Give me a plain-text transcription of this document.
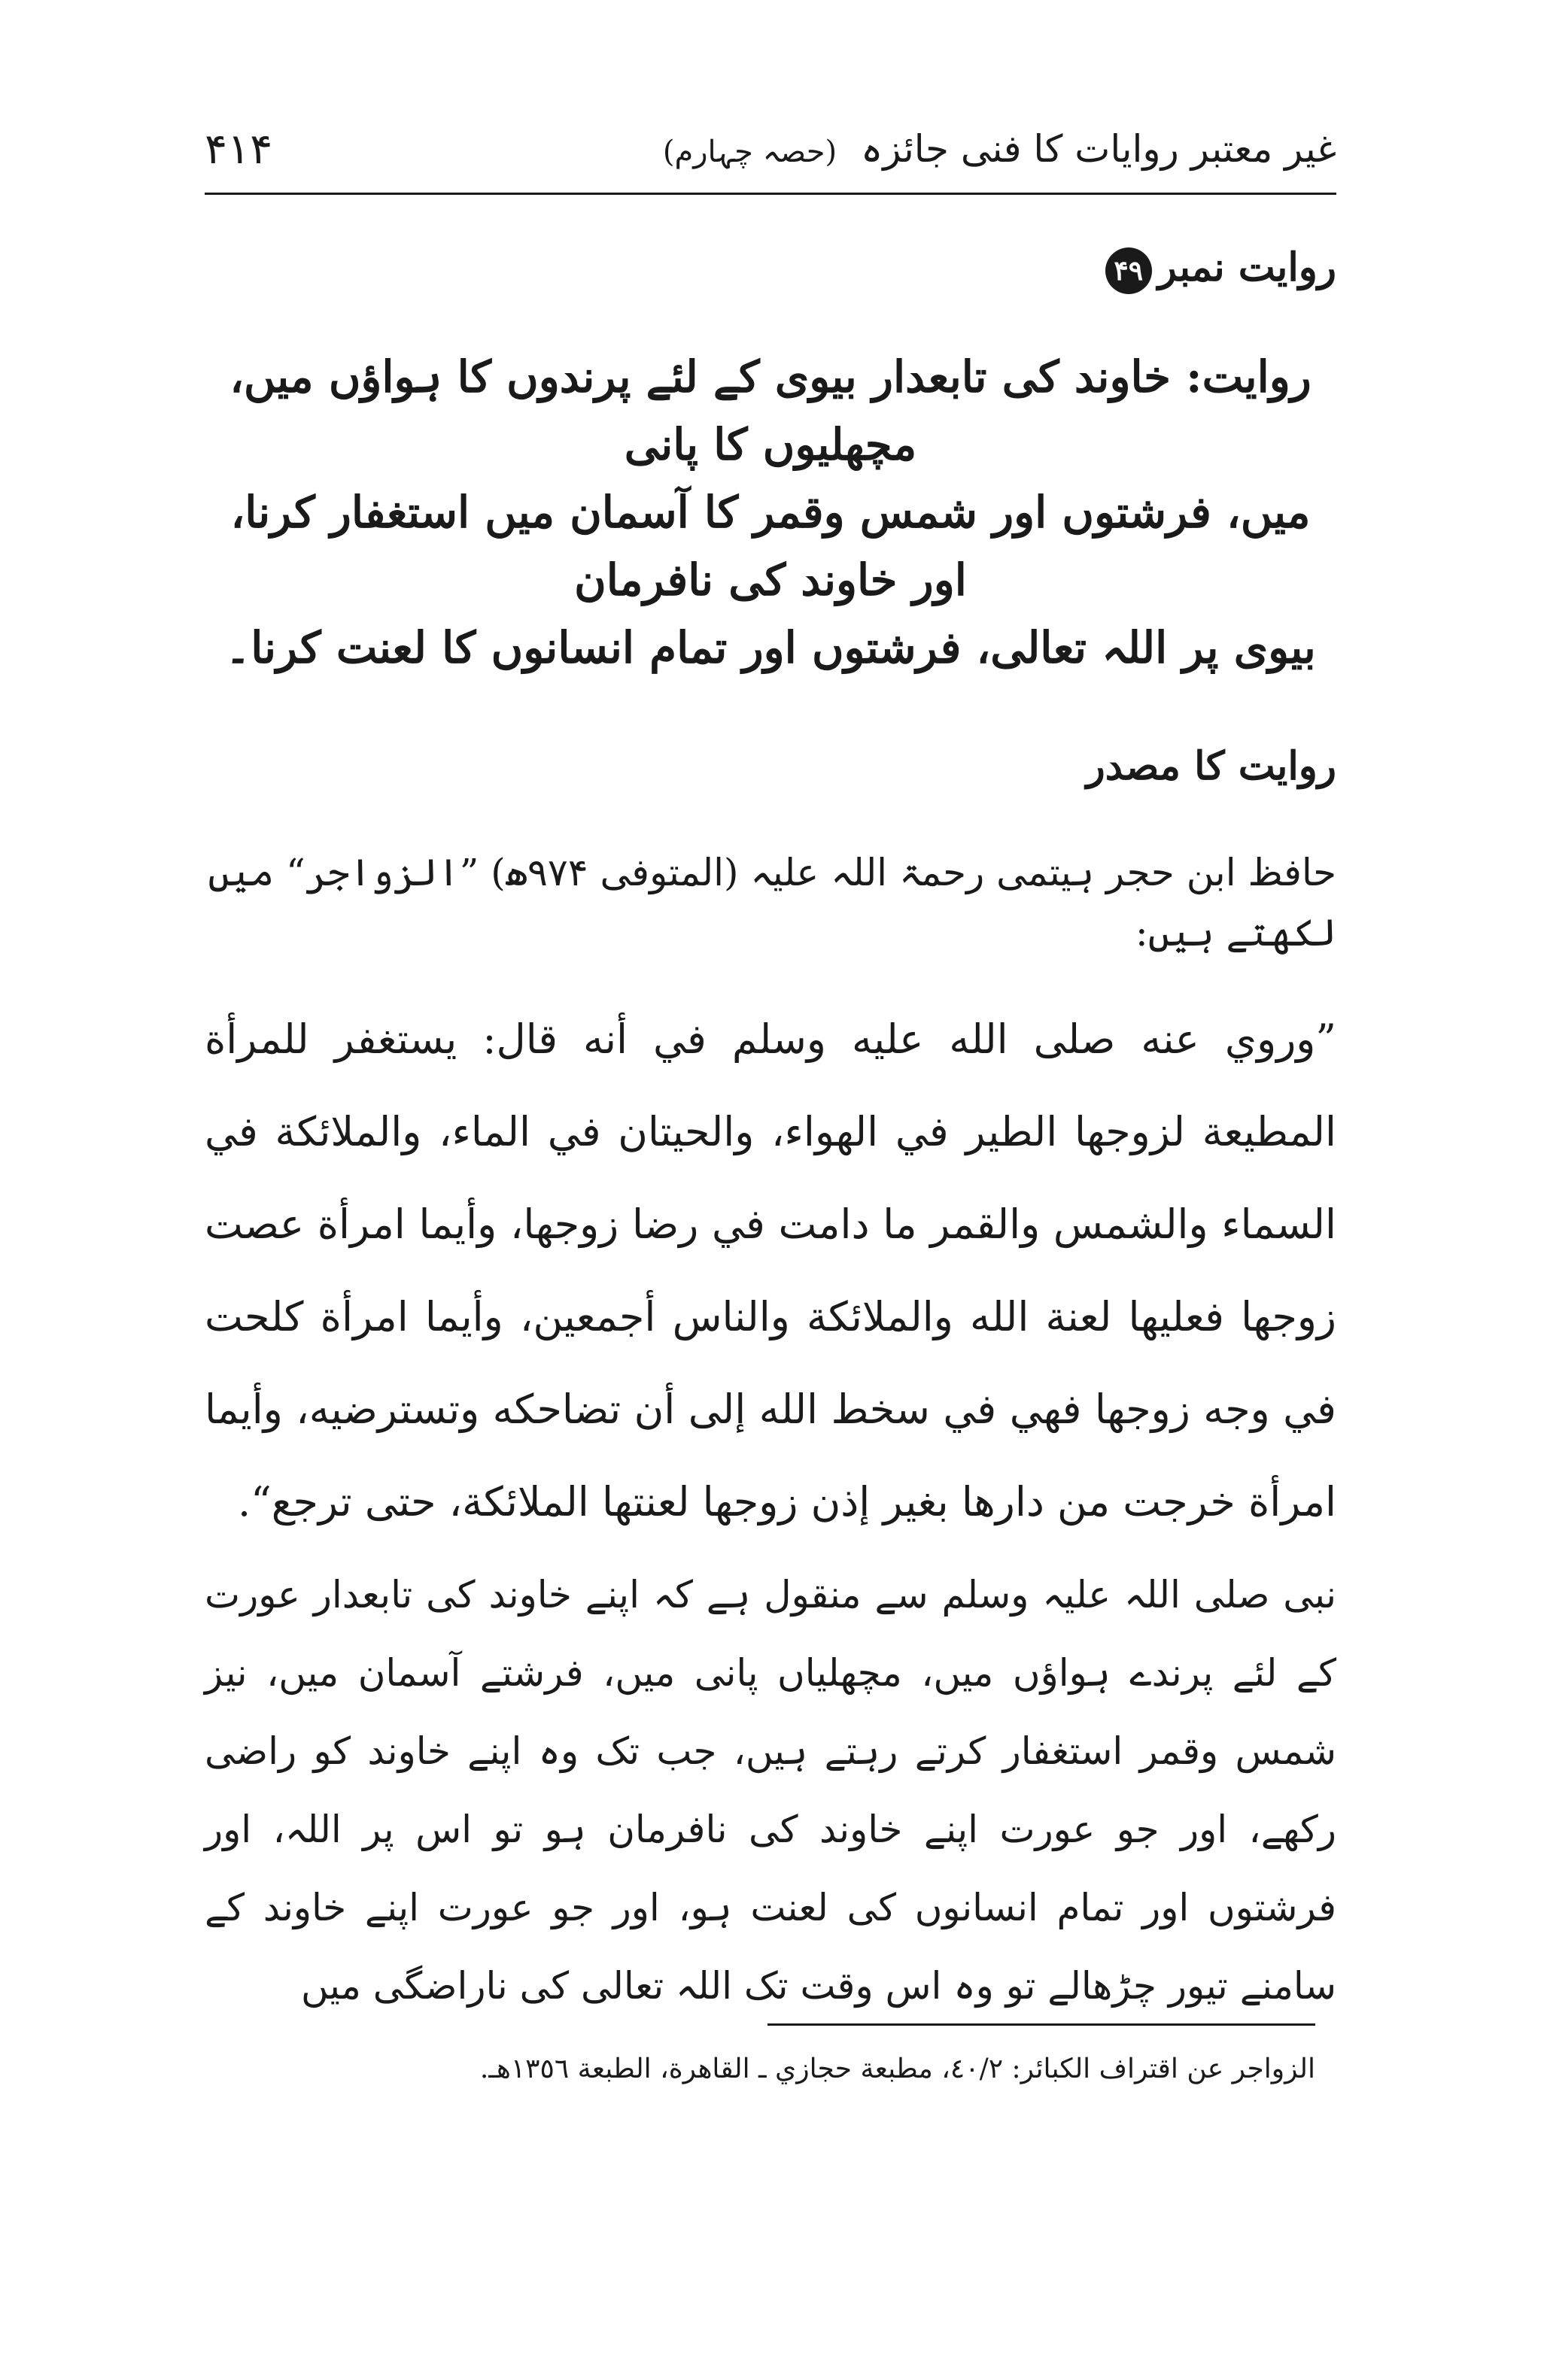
۴۱۴	غیر معتبر روایات کا فنی جائزہ (حصہ چہارم)

روایت نمبر۴۹

روایت: خاوند کی تابعدار بیوی کے لئے پرندوں کا ہواؤں میں، مچھلیوں کا پانی
میں، فرشتوں اور شمس وقمر کا آسمان میں استغفار کرنا، اور خاوند کی نافرمان
بیوی پر اللہ تعالی، فرشتوں اور تمام انسانوں کا لعنت کرنا۔

روایت کا مصدر

حافظ ابن حجر ہیتمی رحمۃ اللہ علیہ (المتوفی ۹۷۴ھ) ”الزواجر“ میں لکھتے ہیں:

”وروي عنه صلى الله عليه وسلم في أنه قال: يستغفر للمرأة المطيعة لزوجها الطير في الهواء، والحيتان في الماء، والملائكة في السماء والشمس والقمر ما دامت في رضا زوجها، وأيما امرأة عصت زوجها فعليها لعنة الله والملائكة والناس أجمعين، وأيما امرأة كلحت في وجه زوجها فهي في سخط الله إلى أن تضاحكه وتسترضيه، وأيما امرأة خرجت من دارها بغير إذن زوجها لعنتها الملائكة، حتى ترجع“.

نبی صلی اللہ علیہ وسلم سے منقول ہے کہ اپنے خاوند کی تابعدار عورت کے لئے پرندے ہواؤں میں، مچھلیاں پانی میں، فرشتے آسمان میں، نیز شمس وقمر استغفار کرتے رہتے ہیں، جب تک وہ اپنے خاوند کو راضی رکھے، اور جو عورت اپنے خاوند کی نافرمان ہو تو اس پر اللہ، اور فرشتوں اور تمام انسانوں کی لعنت ہو، اور جو عورت اپنے خاوند کے سامنے تیور چڑھالے تو وہ اس وقت تک اللہ تعالی کی ناراضگی میں

الزواجر عن اقتراف الكبائر: ٤٠/٢، مطبعة حجازي ـ القاهرة، الطبعة ١٣٥٦هـ.
